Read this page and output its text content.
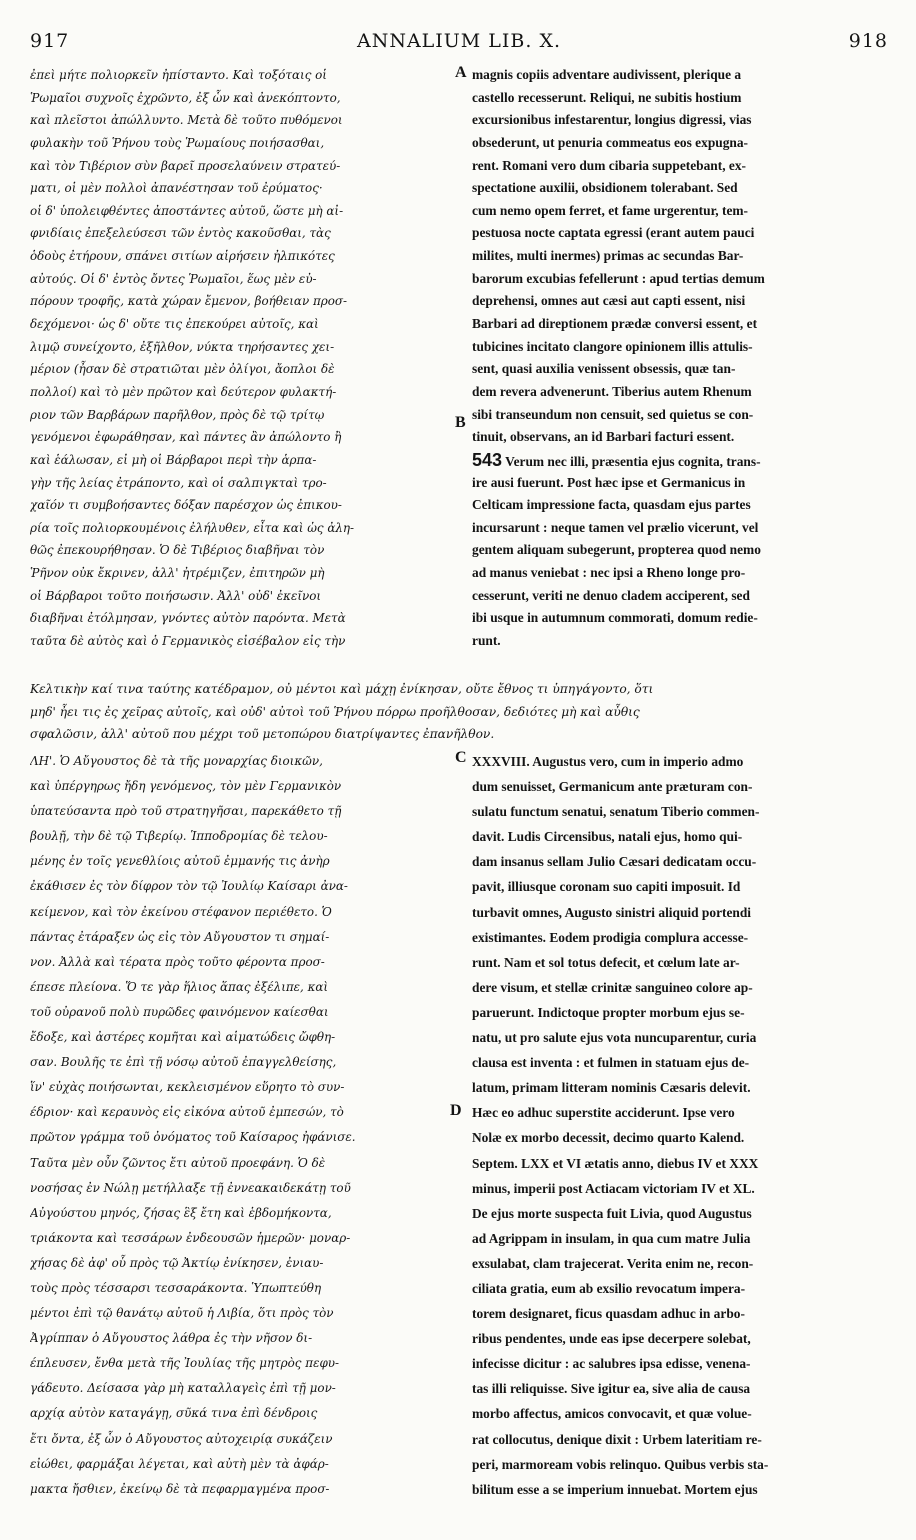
917	ANNALIUM LIB. X.	918
ἐπεὶ μήτε πολιορκεῖν ἠπίσταντο. Καὶ τοξόταις οἱ
Ῥωμαῖοι συχνοῖς ἐχρῶντο, ἐξ ὧν καὶ ἀνεκόπτοντο,
καὶ πλεῖστοι ἀπώλλυντο. Μετὰ δὲ τοῦτο πυθόμενοι
φυλακὴν τοῦ Ῥήνου τοὺς Ῥωμαίους ποιήσασθαι,
καὶ τὸν Τιβέριον σὺν βαρεῖ προσελαύνειν στρατεύ-
ματι, οἱ μὲν πολλοὶ ἀπανέστησαν τοῦ ἐρύματος·
οἱ δ' ὑπολειφθέντες ἀποστάντες αὐτοῦ, ὥστε μὴ αἰ-
φνιδίαις ἐπεξελεύσεσι τῶν ἐντὸς κακοῦσθαι, τὰς
ὁδοὺς ἐτήρουν, σπάνει σιτίων αἱρήσειν ἠλπικότες
αὐτούς. Οἱ δ' ἐντὸς ὄντες Ῥωμαῖοι, ἕως μὲν εὐ-
πόρουν τροφῆς, κατὰ χώραν ἔμενον, βοήθειαν προσ-
δεχόμενοι· ὡς δ' οὔτε τις ἐπεκούρει αὐτοῖς, καὶ
λιμῷ συνείχοντο, ἐξῆλθον, νύκτα τηρήσαντες χει-
μέριον (ἦσαν δὲ στρατιῶται μὲν ὀλίγοι, ἄοπλοι δὲ
πολλοί) καὶ τὸ μὲν πρῶτον καὶ δεύτερον φυλακτή-
ριον τῶν Βαρβάρων παρῆλθον, πρὸς δὲ τῷ τρίτῳ
γενόμενοι ἐφωράθησαν, καὶ πάντες ἂν ἀπώλοντο ἢ
καὶ ἑάλωσαν, εἰ μὴ οἱ Βάρβαροι περὶ τὴν ἁρπα-
γὴν τῆς λείας ἐτράποντο, καὶ οἱ σαλπιγκταὶ τρο-
χαῖόν τι συμβοήσαντες δόξαν παρέσχον ὡς ἐπικου-
ρία τοῖς πολιορκουμένοις ἐλήλυθεν, εἶτα καὶ ὡς ἀλη-
θῶς ἐπεκουρήθησαν. Ὁ δὲ Τιβέριος διαβῆναι τὸν
Ῥῆνον οὐκ ἔκρινεν, ἀλλ' ἠτρέμιζεν, ἐπιτηρῶν μὴ
οἱ Βάρβαροι τοῦτο ποιήσωσιν. Ἀλλ' οὐδ' ἐκεῖνοι
διαβῆναι ἐτόλμησαν, γνόντες αὐτὸν παρόντα. Μετὰ
ταῦτα δὲ αὐτὸς καὶ ὁ Γερμανικὸς εἰσέβαλον εἰς τὴν
A magnis copiis adventare audivissent, plerique a
castello recesserunt. Reliqui, ne subitis hostium
excursionibus infestarentur, longius digressi, vias
obsederunt, ut penuria commeatus eos expugna-
rent. Romani vero dum cibaria suppetebant, ex-
spectatione auxilii, obsidionem tolerabant. Sed
cum nemo opem ferret, et fame urgerentur, tem-
pestuosa nocte captata egressi (erant autem pauci
milites, multi inermes) primas ac secundas Bar-
barorum excubias fefellerunt : apud tertias demum
deprehensi, omnes aut cæsi aut capti essent, nisi
Barbari ad direptionem prædæ conversi essent, et
tubicines incitato clangore opinionem illis attulis-
sent, quasi auxilia venissent obsessis, quæ tan-
dem revera advenerunt. Tiberius autem Rhenum
sibi transeundum non censuit, sed quietus se con-
tinuit, observans, an id Barbari facturi essent.
543 Verum nec illi, præsentia ejus cognita, trans-
ire ausi fuerunt. Post hæc ipse et Germanicus in
Celticam impressione facta, quasdam ejus partes
incursarunt : neque tamen vel prælio vicerunt, vel
gentem aliquam subegerunt, propterea quod nemo
ad manus veniebat : nec ipsi a Rheno longe pro-
cesserunt, veriti ne denuo cladem acciperent, sed
ibi usque in autumnum commorati, domum redie-
runt.
B
Κελτικὴν καί τινα ταύτης κατέδραμον, οὐ μέντοι καὶ μάχῃ ἐνίκησαν, οὔτε ἔθνος τι ὑπηγάγοντο, ὅτι
μηδ' ἦει τις ἐς χεῖρας αὐτοῖς, καὶ οὐδ' αὐτοὶ τοῦ Ῥήνου πόρρω προῆλθοσαν, δεδιότες μὴ καὶ αὖθις
σφαλῶσιν, ἀλλ' αὐτοῦ που μέχρι τοῦ μετοπώρου διατρίψαντες ἐπανῆλθον.
ΛΗ'. Ὁ Αὔγουστος δὲ τὰ τῆς μοναρχίας διοικῶν,
καὶ ὑπέργηρως ἤδη γενόμενος, τὸν μὲν Γερμανικὸν
ὑπατεύσαντα πρὸ τοῦ στρατηγῆσαι, παρεκάθετο τῇ
βουλῇ, τὴν δὲ τῷ Τιβερίῳ. Ἱπποδρομίας δὲ τελου-
μένης ἐν τοῖς γενεθλίοις αὐτοῦ ἐμμανής τις ἀνὴρ
ἐκάθισεν ἐς τὸν δίφρον τὸν τῷ Ἰουλίῳ Καίσαρι ἀνα-
κείμενον, καὶ τὸν ἐκείνου στέφανον περιέθετο. Ὁ
πάντας ἐτάραξεν ὡς εἰς τὸν Αὔγουστον τι σημαί-
νον. Ἀλλὰ καὶ τέρατα πρὸς τοῦτο φέροντα προσ-
έπεσε πλείονα. Ὅ τε γὰρ ἥλιος ἅπας ἐξέλιπε, καὶ
τοῦ οὐρανοῦ πολὺ πυρῶδες φαινόμενον καίεσθαι
ἔδοξε, καὶ ἀστέρες κομῆται καὶ αἱματώδεις ὤφθη-
σαν. Βουλῆς τε ἐπὶ τῇ νόσῳ αὐτοῦ ἐπαγγελθείσης,
ἵν' εὐχὰς ποιήσωνται, κεκλεισμένον εὕρητο τὸ συν-
έδριον· καὶ κεραυνὸς εἰς εἰκόνα αὐτοῦ ἐμπεσών, τὸ
πρῶτον γράμμα τοῦ ὀνόματος τοῦ Καίσαρος ἠφάνισε.
Ταῦτα μὲν οὖν ζῶντος ἔτι αὐτοῦ προεφάνη. Ὁ δὲ
νοσήσας ἐν Νώλῃ μετήλλαξε τῇ ἐννεακαιδεκάτῃ τοῦ
Αὐγούστου μηνός, ζήσας ἓξ ἔτη καὶ ἑβδομήκοντα,
τριάκοντα καὶ τεσσάρων ἐνδεουσῶν ἡμερῶν· μοναρ-
χήσας δὲ ἀφ' οὗ πρὸς τῷ Ἀκτίῳ ἐνίκησεν, ἐνιαυ-
τοὺς πρὸς τέσσαρσι τεσσαράκοντα. Ὑπωπτεύθη
μέντοι ἐπὶ τῷ θανάτῳ αὐτοῦ ἡ Λιβία, ὅτι πρὸς τὸν
Ἀγρίππαν ὁ Αὔγουστος λάθρα ἐς τὴν νῆσον δι-
έπλευσεν, ἔνθα μετὰ τῆς Ἰουλίας τῆς μητρὸς πεφυ-
γάδευτο. Δείσασα γὰρ μὴ καταλλαγεὶς ἐπὶ τῇ μον-
αρχίᾳ αὐτὸν καταγάγῃ, σῦκά τινα ἐπὶ δένδροις
ἔτι ὄντα, ἐξ ὧν ὁ Αὔγουστος αὐτοχειρίᾳ συκάζειν
εἰώθει, φαρμάξαι λέγεται, καὶ αὐτὴ μὲν τὰ ἀφάρ-
μακτα ἤσθιεν, ἐκείνῳ δὲ τὰ πεφαρμαγμένα προσ-
C XXXVIII. Augustus vero, cum in imperio admo
dum senuisset, Germanicum ante præturam con-
sulatu functum senatui, senatum Tiberio commen-
davit. Ludis Circensibus, natali ejus, homo qui-
dam insanus sellam Julio Cæsari dedicatam occu-
pavit, illiusque coronam suo capiti imposuit. Id
turbavit omnes, Augusto sinistri aliquid portendi
existimantes. Eodem prodigia complura accesse-
runt. Nam et sol totus defecit, et cœlum late ar-
dere visum, et stellæ crinitæ sanguineo colore ap-
paruerunt. Indictoque propter morbum ejus se-
natu, ut pro salute ejus vota nuncuparentur, curia
clausa est inventa : et fulmen in statuam ejus de-
latum, primam litteram nominis Cæsaris delevit.
Hæc eo adhuc superstite acciderunt. Ipse vero
Nolæ ex morbo decessit, decimo quarto Kalend.
Septem. LXX et VI ætatis anno, diebus IV et XXX
minus, imperii post Actiacam victoriam IV et XL.
De ejus morte suspecta fuit Livia, quod Augustus
ad Agrippam in insulam, in qua cum matre Julia
exsulabat, clam trajecerat. Verita enim ne, recon-
ciliata gratia, eum ab exsilio revocatum impera-
torem designaret, ficus quasdam adhuc in arbo-
ribus pendentes, unde eas ipse decerpere solebat,
infecisse dicitur : ac salubres ipsa edisse, venena-
tas illi reliquisse. Sive igitur ea, sive alia de causa
morbo affectus, amicos convocavit, et quæ volue-
rat collocutus, denique dixit : Urbem lateritiam re-
peri, marmoream vobis relinquo. Quibus verbis sta-
bilitum esse a se imperium innuebat. Mortem ejus
D
